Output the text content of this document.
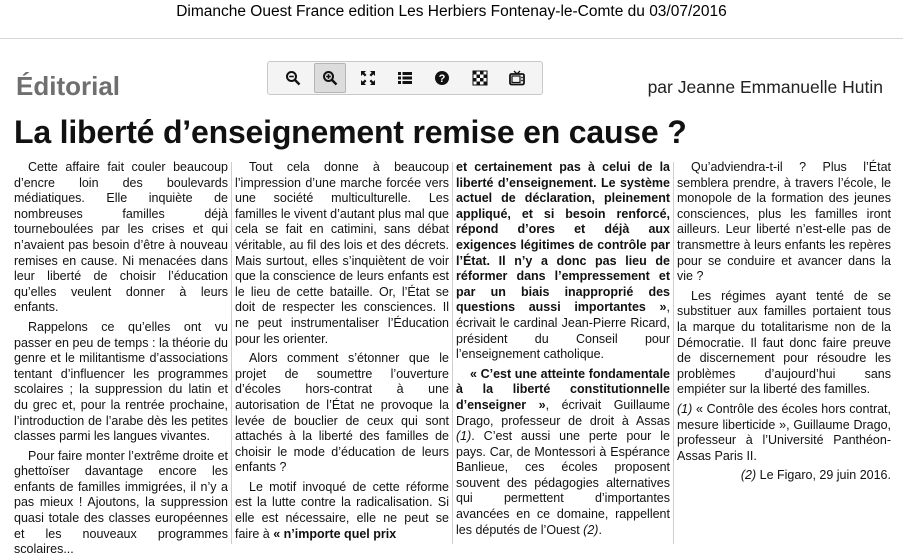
Dimanche Ouest France edition Les Herbiers Fontenay-le-Comte du 03/07/2016
Éditorial	par Jeanne Emmanuelle Hutin
?
La liberté d’enseignement remise en cause ?

Cette affaire fait couler beaucoup d’encre loin des boulevards médiatiques. Elle inquiète de nombreuses familles déjà tourneboulées par les crises et qui n’avaient pas besoin d’être à nouveau remises en cause. Ni menacées dans leur liberté de choisir l’éducation qu’elles veulent donner à leurs enfants.

Rappelons ce qu’elles ont vu passer en peu de temps : la théorie du genre et le militantisme d’associations tentant d’influencer les programmes scolaires ; la suppression du latin et du grec et, pour la rentrée prochaine, l’introduction de l’arabe dès les petites classes parmi les langues vivantes.

Pour faire monter l’extrême droite et ghettoïser davantage encore les enfants de familles immigrées, il n’y a pas mieux ! Ajoutons, la suppression quasi totale des classes européennes et les nouveaux programmes scolaires...

Tout cela donne à beaucoup l’impression d’une marche forcée vers une société multiculturelle. Les familles le vivent d’autant plus mal que cela se fait en catimini, sans débat véritable, au fil des lois et des décrets. Mais surtout, elles s’inquiètent de voir que la conscience de leurs enfants est le lieu de cette bataille. Or, l’État se doit de respecter les consciences. Il ne peut instrumentaliser l’Éducation pour les orienter.

Alors comment s’étonner que le projet de soumettre l’ouverture d’écoles hors-contrat à une autorisation de l’État ne provoque la levée de bouclier de ceux qui sont attachés à la liberté des familles de choisir le mode d’éducation de leurs enfants ?

Le motif invoqué de cette réforme est la lutte contre la radicalisation. Si elle est nécessaire, elle ne peut se faire à « n’importe quel prix

et certainement pas à celui de la liberté d’enseignement. Le système actuel de déclaration, pleinement appliqué, et si besoin renforcé, répond d’ores et déjà aux exigences légitimes de contrôle par l’État. Il n’y a donc pas lieu de réformer dans l’empressement et par un biais inapproprié des questions aussi importantes », écrivait le cardinal Jean-Pierre Ricard, président du Conseil pour l’enseignement catholique.

« C’est une atteinte fondamentale à la liberté constitutionnelle d’enseigner », écrivait Guillaume Drago, professeur de droit à Assas (1). C’est aussi une perte pour le pays. Car, de Montessori à Espérance Banlieue, ces écoles proposent souvent des pédagogies alternatives qui permettent d’importantes avancées en ce domaine, rappellent les députés de l’Ouest (2).

Qu’adviendra-t-il ? Plus l’État semblera prendre, à travers l’école, le monopole de la formation des jeunes consciences, plus les familles iront ailleurs. Leur liberté n’est-elle pas de transmettre à leurs enfants les repères pour se conduire et avancer dans la vie ?

Les régimes ayant tenté de se substituer aux familles portaient tous la marque du totalitarisme non de la Démocratie. Il faut donc faire preuve de discernement pour résoudre les problèmes d’aujourd’hui sans empiéter sur la liberté des familles.

(1) « Contrôle des écoles hors contrat, mesure liberticide », Guillaume Drago, professeur à l’Université Panthéon-Assas Paris II.

(2) Le Figaro, 29 juin 2016.
